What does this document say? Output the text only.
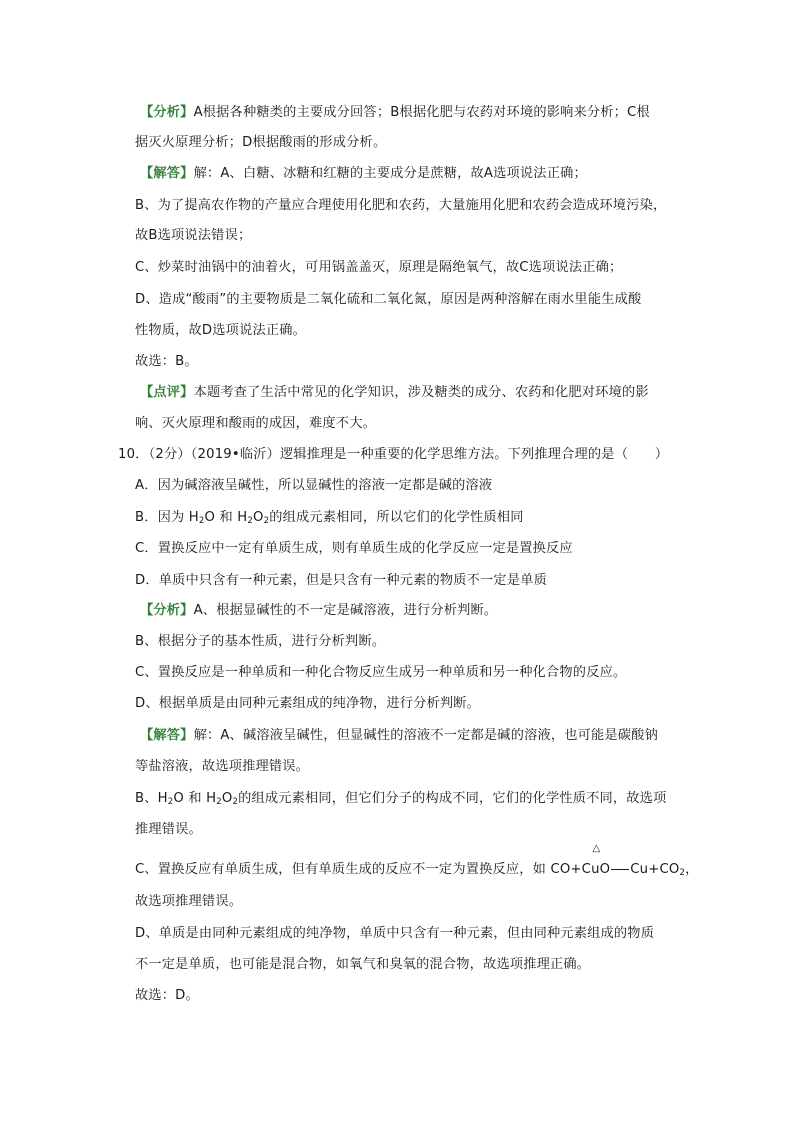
【分析】A根据各种糖类的主要成分回答；B根据化肥与农药对环境的影响来分析；C根
据灭火原理分析；D根据酸雨的形成分析。
【解答】解：A、白糖、冰糖和红糖的主要成分是蔗糖，故A选项说法正确；
B、为了提高农作物的产量应合理使用化肥和农药，大量施用化肥和农药会造成环境污染，
故B选项说法错误；
C、炒菜时油锅中的油着火，可用锅盖盖灭，原理是隔绝氧气，故C选项说法正确；
D、造成“酸雨”的主要物质是二氧化硫和二氧化氮，原因是两种溶解在雨水里能生成酸
性物质，故D选项说法正确。
故选：B。
【点评】本题考查了生活中常见的化学知识，涉及糖类的成分、农药和化肥对环境的影
响、灭火原理和酸雨的成因，难度不大。
10．（2分）（2019•临沂）逻辑推理是一种重要的化学思维方法。下列推理合理的是（　　）
A．因为碱溶液呈碱性，所以显碱性的溶液一定都是碱的溶液
B．因为 $H_2O$ 和 $H_2O_2$的组成元素相同，所以它们的化学性质相同
C．置换反应中一定有单质生成，则有单质生成的化学反应一定是置换反应
D．单质中只含有一种元素，但是只含有一种元素的物质不一定是单质
【分析】A、根据显碱性的不一定是碱溶液，进行分析判断。
B、根据分子的基本性质，进行分析判断。
C、置换反应是一种单质和一种化合物反应生成另一种单质和另一种化合物的反应。
D、根据单质是由同种元素组成的纯净物，进行分析判断。
【解答】解：A、碱溶液呈碱性，但显碱性的溶液不一定都是碱的溶液，也可能是碳酸钠
等盐溶液，故选项推理错误。
B、$H_2O$ 和 $H_2O_2$的组成元素相同，但它们分子的构成不同，它们的化学性质不同，故选项
推理错误。
C、置换反应有单质生成，但有单质生成的反应不一定为置换反应，如
△
CO+CuO $Cu+CO_2$，
故选项推理错误。
D、单质是由同种元素组成的纯净物，单质中只含有一种元素，但由同种元素组成的物质
不一定是单质，也可能是混合物，如氧气和臭氧的混合物，故选项推理正确。
故选：D。
